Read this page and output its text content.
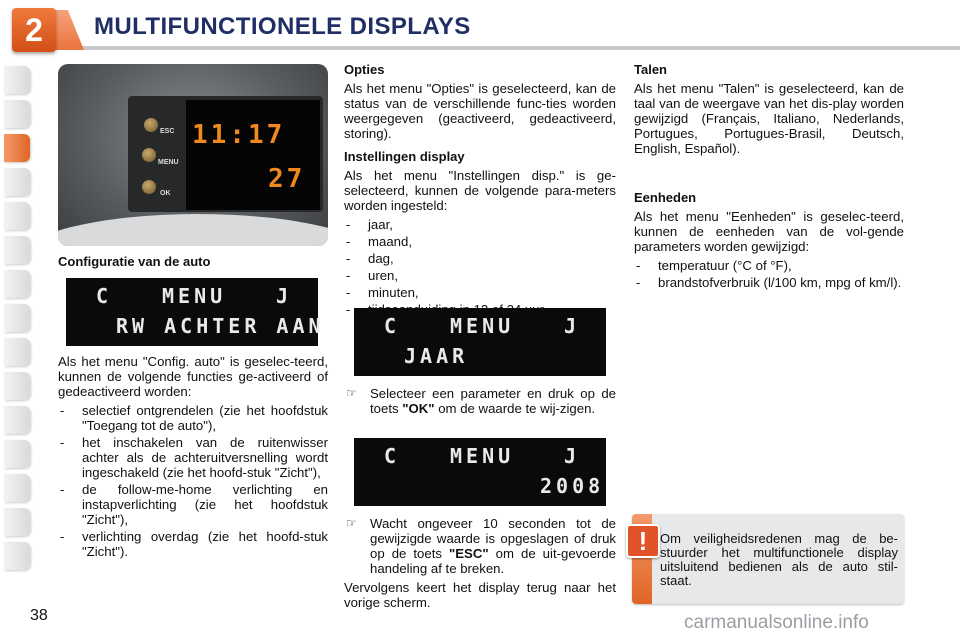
2	MULTIFUNCTIONELE DISPLAYS
11:17
27
ESC
MENU
OK
Configuratie van de auto
C MENU J
RW ACHTER AAN
Als het menu "Config. auto" is geselec-teerd, kunnen de volgende functies ge-activeerd of gedeactiveerd worden:
- selectief ontgrendelen (zie het hoofdstuk "Toegang tot de auto"),
- het inschakelen van de ruitenwisser achter als de achteruitversnelling wordt ingeschakeld (zie het hoofd-stuk "Zicht"),
- de follow-me-home verlichting en instapverlichting (zie het hoofdstuk "Zicht"),
- verlichting overdag (zie het hoofd-stuk "Zicht").
Opties
Als het menu "Opties" is geselecteerd, kan de status van de verschillende func-ties worden weergegeven (geactiveerd, gedeactiveerd, storing).
Instellingen display
Als het menu "Instellingen disp." is ge-selecteerd, kunnen de volgende para-meters worden ingesteld:
- jaar,
- maand,
- dag,
- uren,
- minuten,
-
C MENU J
JAAR
☞ Selecteer een parameter en druk op de toets "OK" om de waarde te wij-zigen.
C MENU J
2008
☞ Wacht ongeveer 10 seconden tot de gewijzigde waarde is opgeslagen of druk op de toets "ESC" om de uit-gevoerde handeling af te breken.
Vervolgens keert het display terug naar het vorige scherm.
Talen
Als het menu "Talen" is geselecteerd, kan de taal van de weergave van het dis-play worden gewijzigd (Français, Italiano, Nederlands, Portugues, Portugues-Brasil, Deutsch, English, Español).
Eenheden
Als het menu "Eenheden" is geselec-teerd, kunnen de eenheden van de vol-gende parameters worden gewijzigd:
- temperatuur (°C of °F),
- brandstofverbruik (l/100 km, mpg of km/l).
! Om veiligheidsredenen mag de be-stuurder het multifunctionele display uitsluitend bedienen als de auto stil-staat.
38	carmanualsonline.info
